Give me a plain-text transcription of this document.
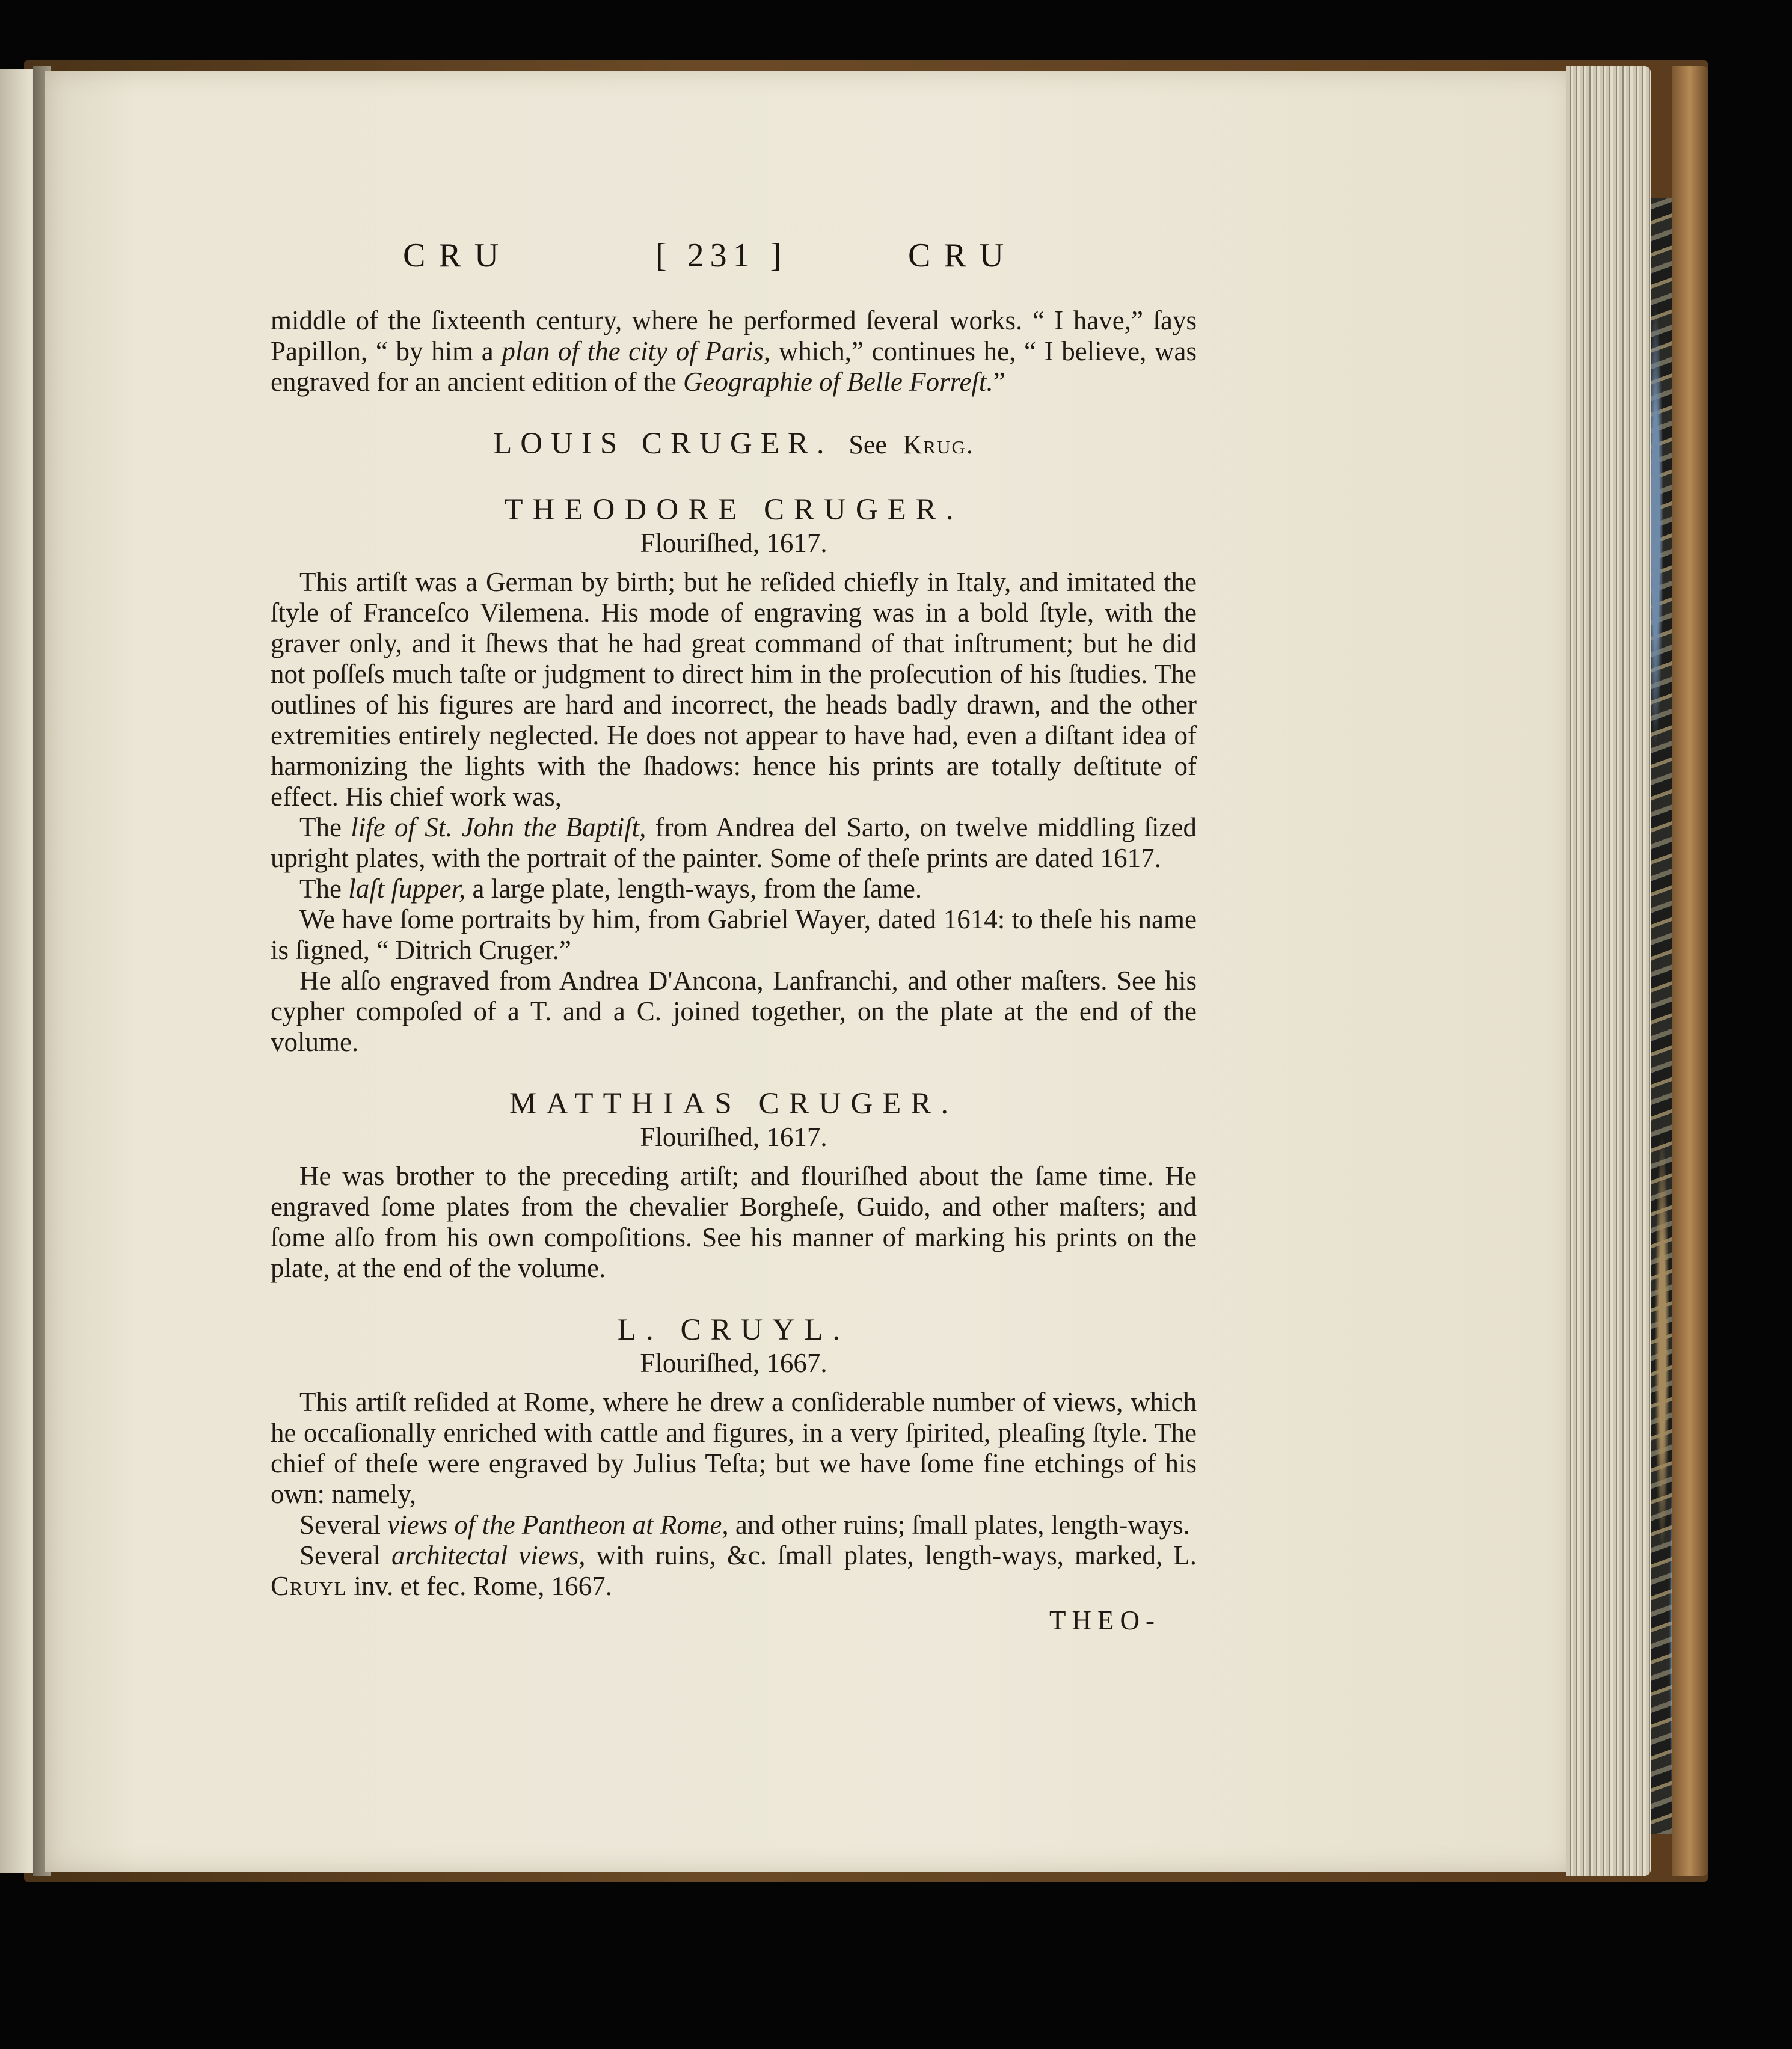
CRU	[ 231 ]	CRU

middle of the ſixteenth century, where he performed ſeveral works. “ I have,” ſays Papillon, “ by him a plan of the city of Paris, which,” continues he, “ I believe, was engraved for an ancient edition of the Geographie of Belle Forreſt.”

LOUIS CRUGER. See Krug.
THEODORE CRUGER.
Flouriſhed, 1617.

This artiſt was a German by birth; but he reſided chiefly in Italy, and imitated the ſtyle of Franceſco Vilemena. His mode of engraving was in a bold ſtyle, with the graver only, and it ſhews that he had great command of that inſtrument; but he did not poſſeſs much taſte or judgment to direct him in the proſecution of his ſtudies. The outlines of his figures are hard and incorrect, the heads badly drawn, and the other extremities entirely neglected. He does not appear to have had, even a diſtant idea of harmonizing the lights with the ſhadows: hence his prints are totally deſtitute of effect. His chief work was,

The life of St. John the Baptiſt, from Andrea del Sarto, on twelve middling ſized upright plates, with the portrait of the painter. Some of theſe prints are dated 1617.

The laſt ſupper, a large plate, length-ways, from the ſame.

We have ſome portraits by him, from Gabriel Wayer, dated 1614: to theſe his name is ſigned, “ Ditrich Cruger.”

He alſo engraved from Andrea D'Ancona, Lanfranchi, and other maſters. See his cypher compoſed of a T. and a C. joined together, on the plate at the end of the volume.

MATTHIAS CRUGER.
Flouriſhed, 1617.

He was brother to the preceding artiſt; and flouriſhed about the ſame time. He engraved ſome plates from the chevalier Borgheſe, Guido, and other maſters; and ſome alſo from his own compoſitions. See his manner of marking his prints on the plate, at the end of the volume.

L. CRUYL.
Flouriſhed, 1667.

This artiſt reſided at Rome, where he drew a conſiderable number of views, which he occaſionally enriched with cattle and figures, in a very ſpirited, pleaſing ſtyle. The chief of theſe were engraved by Julius Teſta; but we have ſome fine etchings of his own: namely,

Several views of the Pantheon at Rome, and other ruins; ſmall plates, length-ways.

Several architectal views, with ruins, &c. ſmall plates, length-ways, marked, L. Cruyl inv. et fec. Rome, 1667.

THEO-
